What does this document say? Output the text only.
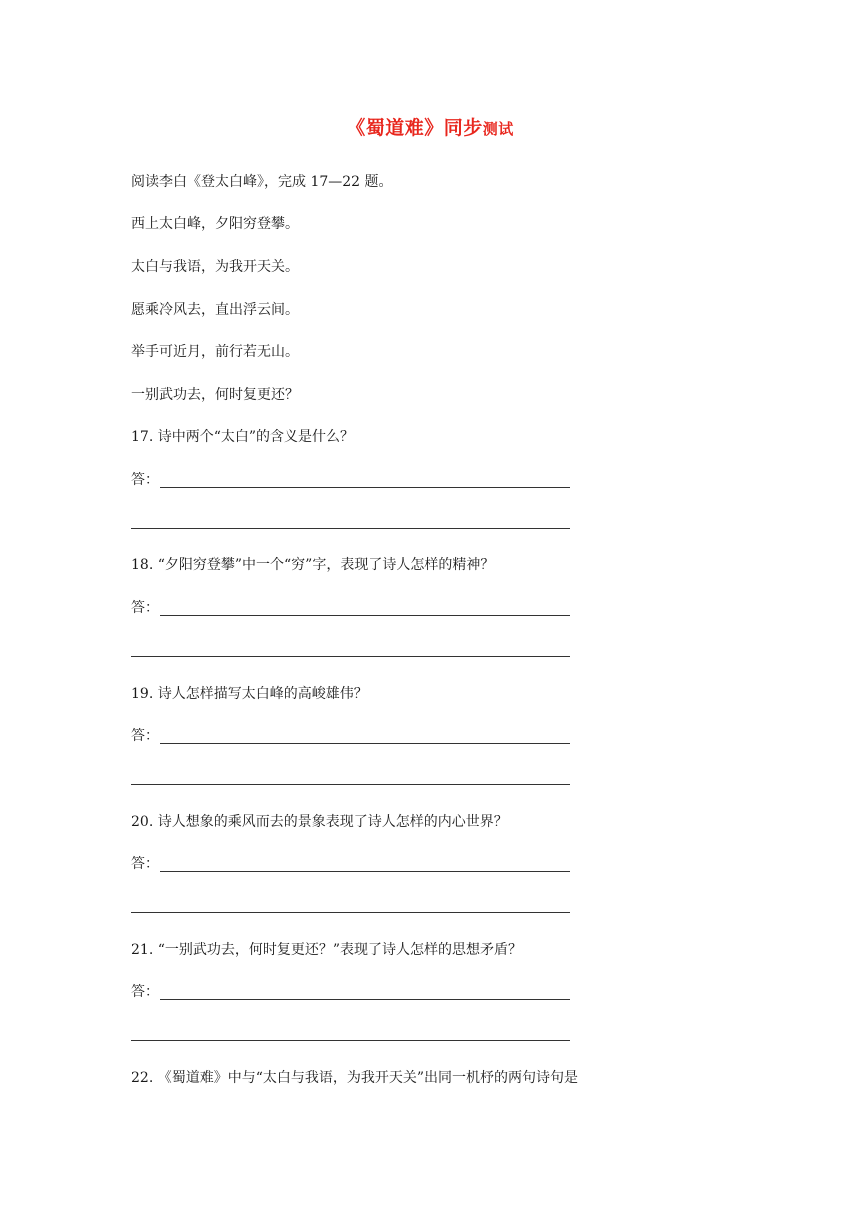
《蜀道难》同步测试
阅读李白《登太白峰》，完成 17—22 题。
西上太白峰，夕阳穷登攀。
太白与我语，为我开天关。
愿乘冷风去，直出浮云间。
举手可近月，前行若无山。
一别武功去，何时复更还？
17. 诗中两个“太白”的含义是什么？
答：
18. “夕阳穷登攀”中一个“穷”字，表现了诗人怎样的精神？
答：
19. 诗人怎样描写太白峰的高峻雄伟？
答：
20. 诗人想象的乘风而去的景象表现了诗人怎样的内心世界？
答：
21. “一别武功去，何时复更还？”表现了诗人怎样的思想矛盾？
答：
22. 《蜀道难》中与“太白与我语，为我开天关”出同一机杼的两句诗句是
